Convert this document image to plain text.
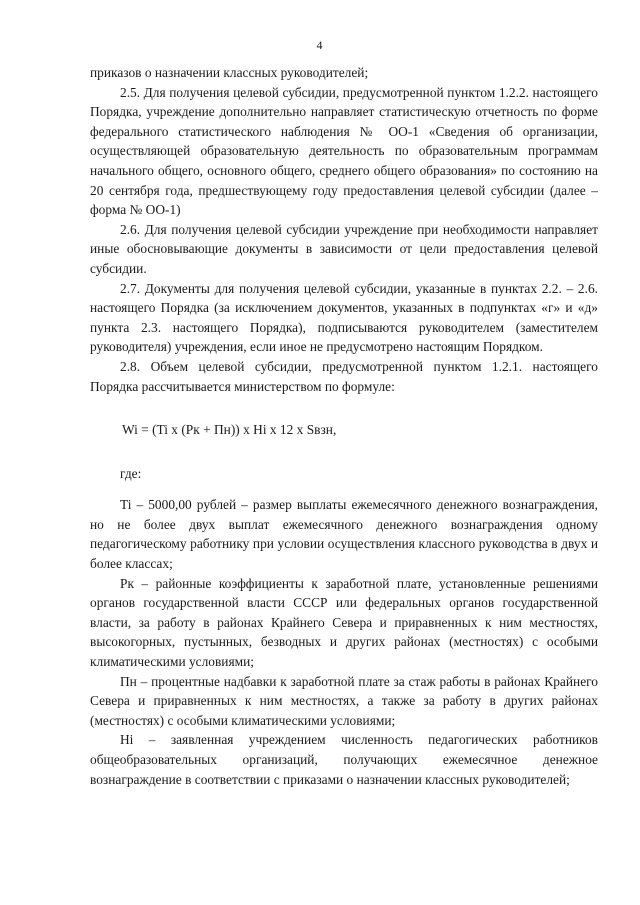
4

приказов о назначении классных руководителей;

2.5. Для получения целевой субсидии, предусмотренной пунктом 1.2.2. настоящего Порядка, учреждение дополнительно направляет статистическую отчетность по форме федерального статистического наблюдения № ОО-1 «Сведения об организации, осуществляющей образовательную деятельность по образовательным программам начального общего, основного общего, среднего общего образования» по состоянию на 20 сентября года, предшествующему году предоставления целевой субсидии (далее – форма № ОО-1)

2.6. Для получения целевой субсидии учреждение при необходимости направляет иные обосновывающие документы в зависимости от цели предоставления целевой субсидии.

2.7. Документы для получения целевой субсидии, указанные в пунктах 2.2. – 2.6. настоящего Порядка (за исключением документов, указанных в подпунктах «г» и «д» пункта 2.3. настоящего Порядка), подписываются руководителем (заместителем руководителя) учреждения, если иное не предусмотрено настоящим Порядком.

2.8. Объем целевой субсидии, предусмотренной пунктом 1.2.1. настоящего Порядка рассчитывается министерством по формуле:

Wi = (Ti x (Pк + Пн)) x Hi x 12 x Sвзн,

где:

Ti – 5000,00 рублей – размер выплаты ежемесячного денежного вознаграждения, но не более двух выплат ежемесячного денежного вознаграждения одному педагогическому работнику при условии осуществления классного руководства в двух и более классах;

Pк – районные коэффициенты к заработной плате, установленные решениями органов государственной власти СССР или федеральных органов государственной власти, за работу в районах Крайнего Севера и приравненных к ним местностях, высокогорных, пустынных, безводных и других районах (местностях) с особыми климатическими условиями;

Пн – процентные надбавки к заработной плате за стаж работы в районах Крайнего Севера и приравненных к ним местностях, а также за работу в других районах (местностях) с особыми климатическими условиями;

Hi – заявленная учреждением численность педагогических работников общеобразовательных организаций, получающих ежемесячное денежное вознаграждение в соответствии с приказами о назначении классных руководителей;
